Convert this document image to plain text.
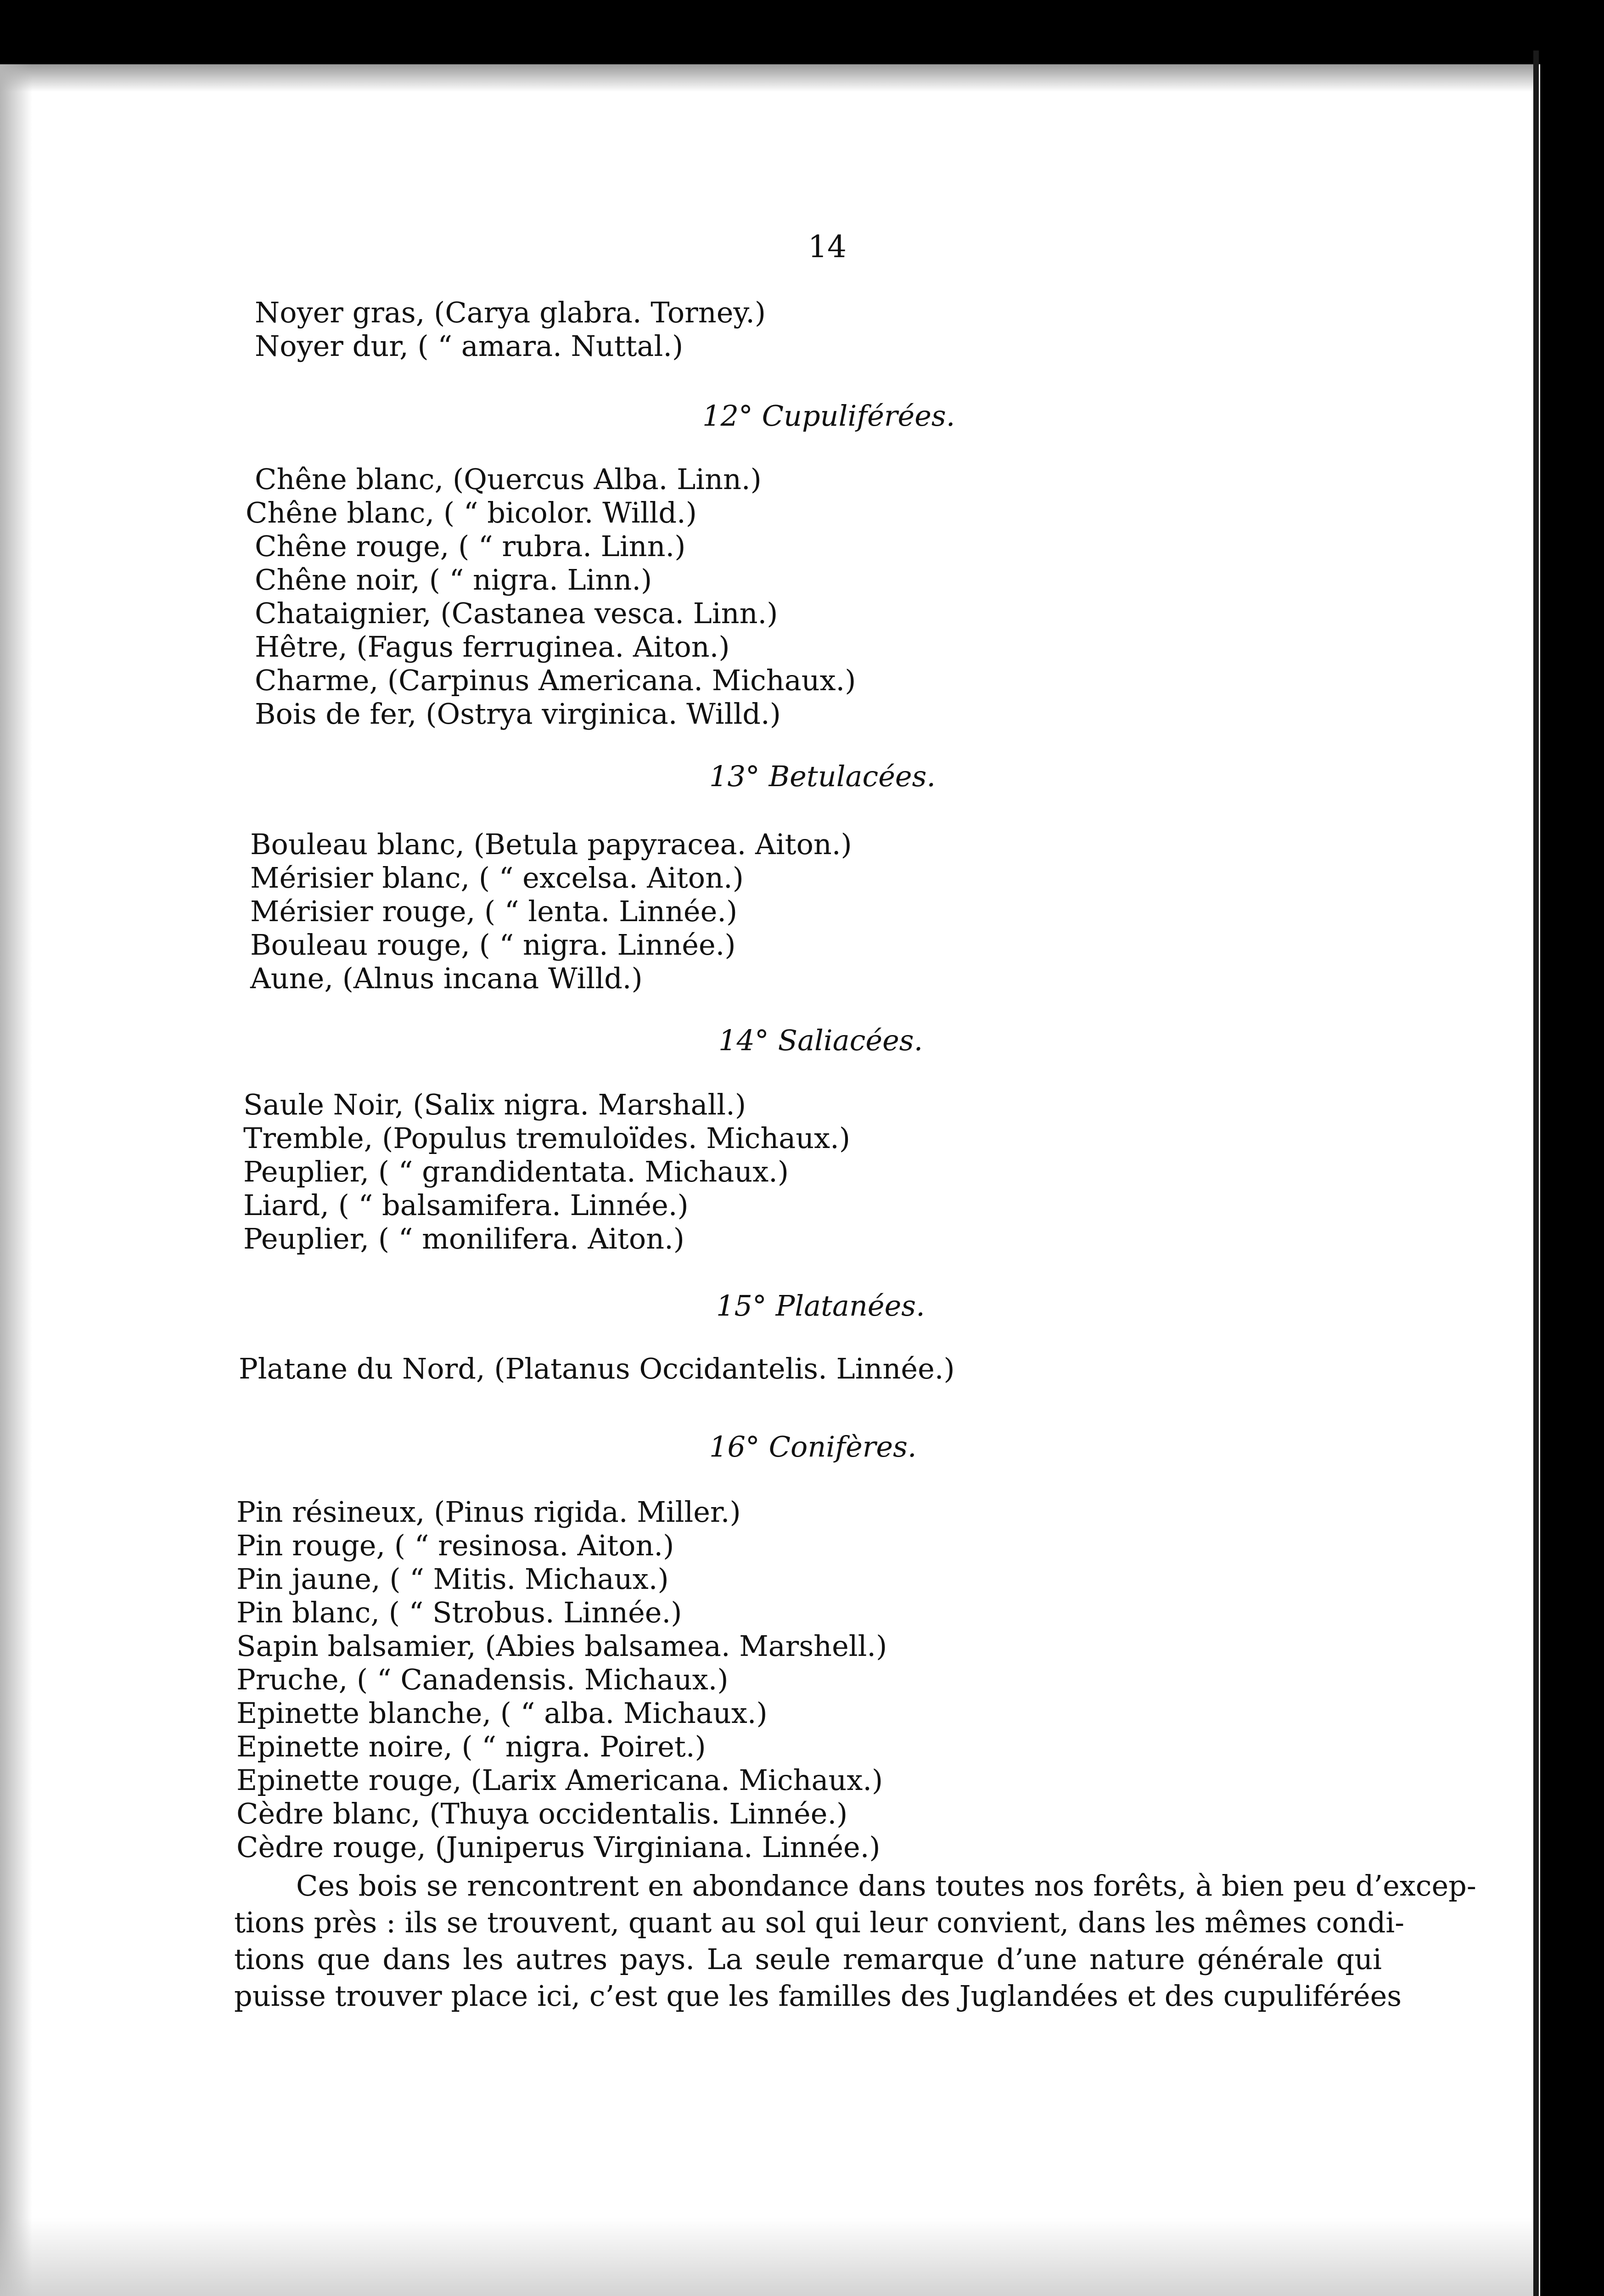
14
Noyer gras, (Carya glabra. Torney.)
Noyer dur, ( “ amara. Nuttal.)
12° Cupuliférées.
Chêne blanc, (Quercus Alba. Linn.)
Chêne blanc, ( “ bicolor. Willd.)
Chêne rouge, ( “ rubra. Linn.)
Chêne noir, ( “ nigra. Linn.)
Chataignier, (Castanea vesca. Linn.)
Hêtre, (Fagus ferruginea. Aiton.)
Charme, (Carpinus Americana. Michaux.)
Bois de fer, (Ostrya virginica. Willd.)
13° Betulacées.
Bouleau blanc, (Betula papyracea. Aiton.)
Mérisier blanc, ( “ excelsa. Aiton.)
Mérisier rouge, ( “ lenta. Linnée.)
Bouleau rouge, ( “ nigra. Linnée.)
Aune, (Alnus incana Willd.)
14° Saliacées.
Saule Noir, (Salix nigra. Marshall.)
Tremble, (Populus tremuloïdes. Michaux.)
Peuplier, ( “ grandidentata. Michaux.)
Liard, ( “ balsamifera. Linnée.)
Peuplier, ( “ monilifera. Aiton.)
15° Platanées.
Platane du Nord, (Platanus Occidantelis. Linnée.)
16° Conifères.
Pin résineux, (Pinus rigida. Miller.)
Pin rouge, ( “ resinosa. Aiton.)
Pin jaune, ( “ Mitis. Michaux.)
Pin blanc, ( “ Strobus. Linnée.)
Sapin balsamier, (Abies balsamea. Marshell.)
Pruche, ( “ Canadensis. Michaux.)
Epinette blanche, ( “ alba. Michaux.)
Epinette noire, ( “ nigra. Poiret.)
Epinette rouge, (Larix Americana. Michaux.)
Cèdre blanc, (Thuya occidentalis. Linnée.)
Cèdre rouge, (Juniperus Virginiana. Linnée.)
Ces bois se rencontrent en abondance dans toutes nos forêts, à bien peu d’excep-
tions près : ils se trouvent, quant au sol qui leur convient, dans les mêmes condi-
tions que dans les autres pays. La seule remarque d’une nature générale qui
puisse trouver place ici, c’est que les familles des Juglandées et des cupuliférées
